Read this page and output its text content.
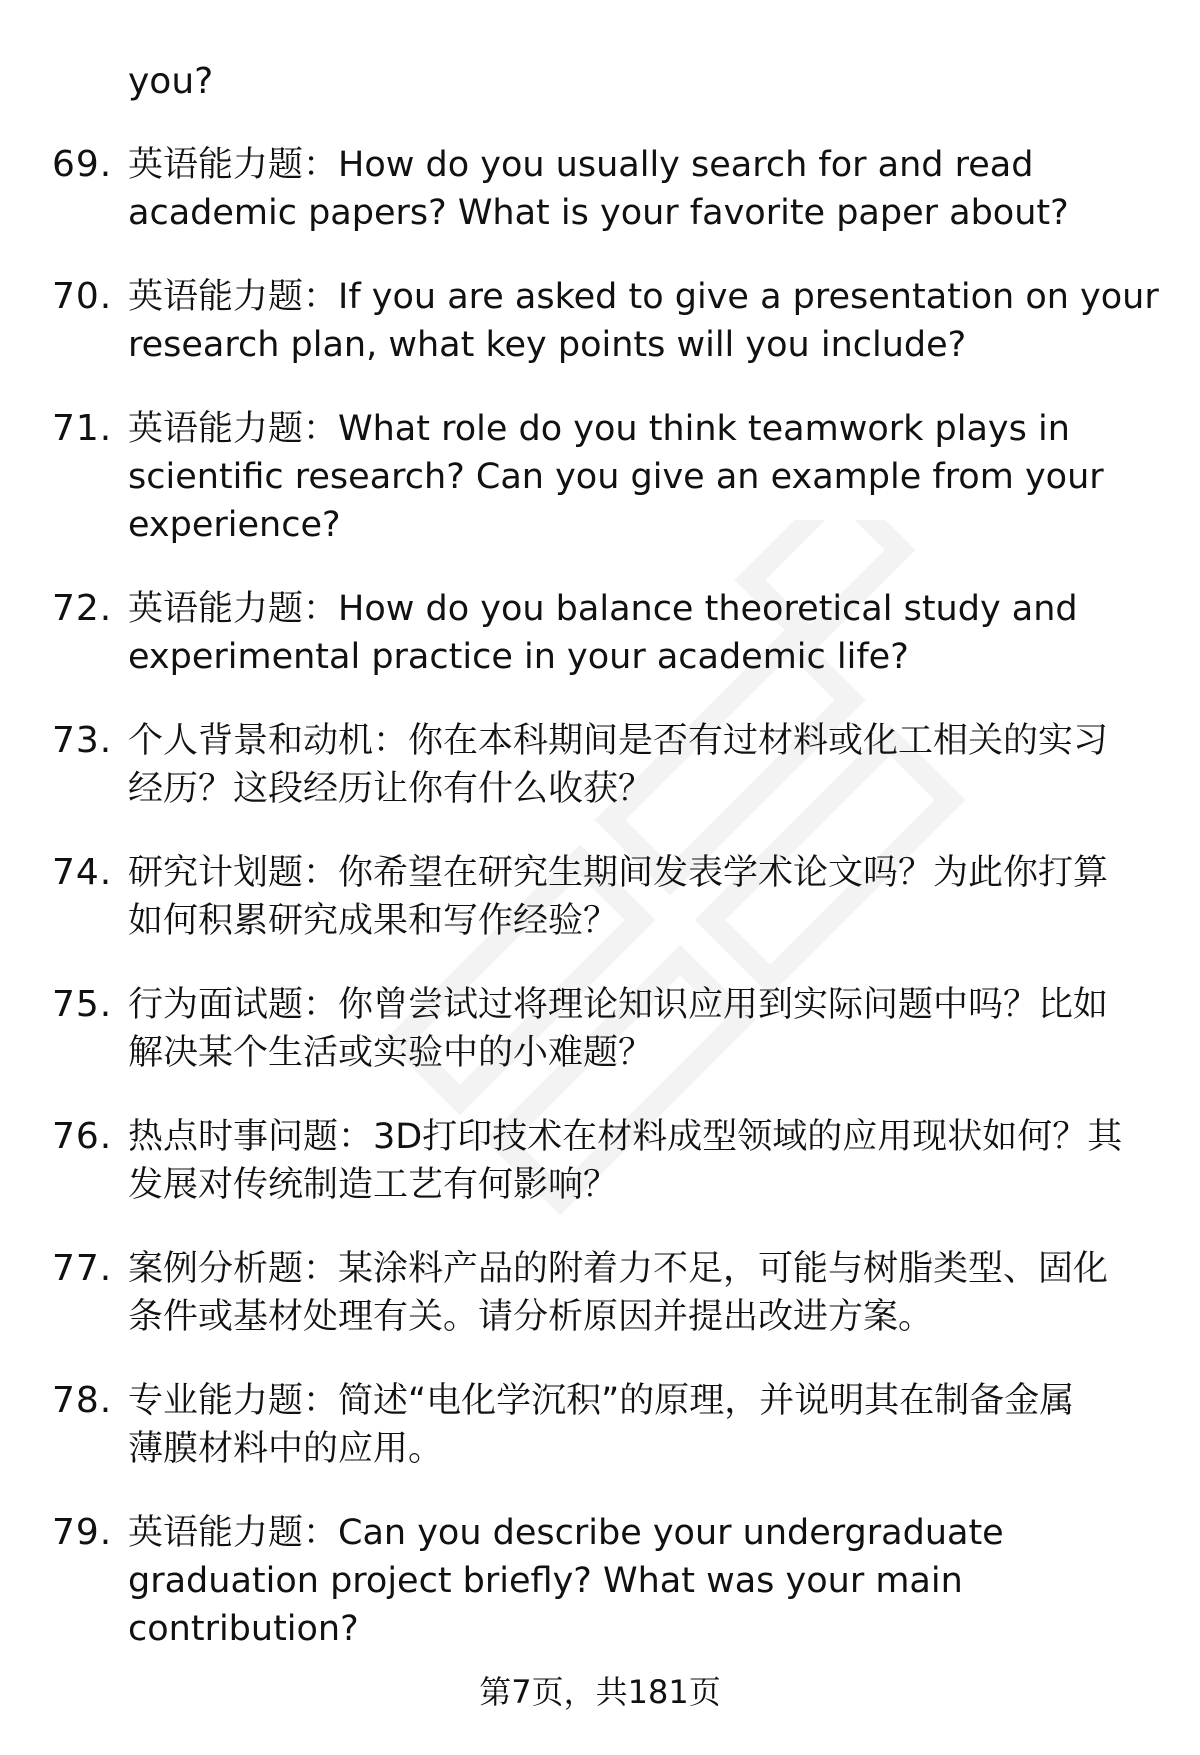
you?
69. 英语能力题：How do you usually search for and read
academic papers? What is your favorite paper about?
70. 英语能力题：If you are asked to give a presentation on your
research plan, what key points will you include?
71. 英语能力题：What role do you think teamwork plays in
scientific research? Can you give an example from your
experience?
72. 英语能力题：How do you balance theoretical study and
experimental practice in your academic life?
73. 个人背景和动机：你在本科期间是否有过材料或化工相关的实习
经历？这段经历让你有什么收获？
74. 研究计划题：你希望在研究生期间发表学术论文吗？为此你打算
如何积累研究成果和写作经验？
75. 行为面试题：你曾尝试过将理论知识应用到实际问题中吗？比如
解决某个生活或实验中的小难题？
76. 热点时事问题：3D打印技术在材料成型领域的应用现状如何？其
发展对传统制造工艺有何影响？
77. 案例分析题：某涂料产品的附着力不足，可能与树脂类型、固化
条件或基材处理有关。请分析原因并提出改进方案。
78. 专业能力题：简述“电化学沉积”的原理，并说明其在制备金属
薄膜材料中的应用。
79. 英语能力题：Can you describe your undergraduate
graduation project briefly? What was your main
contribution?
第7页，共181页
